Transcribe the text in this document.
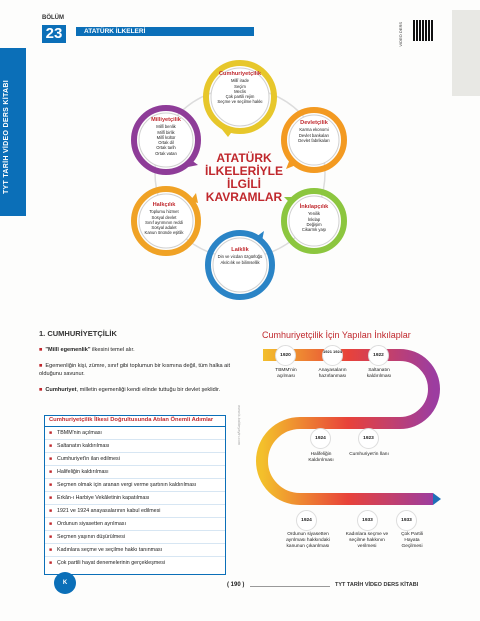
TYT TARİH VİDEO DERS KİTABI
BÖLÜM
23	ATATÜRK İLKELERİ	VIDEO DERS
ATATÜRK
İLKELERİYLE
İLGİLİ
KAVRAMLAR
Cumhuriyetçilik
Millî irade
Seçim
Meclis
Çok partili rejim
Seçme ve seçilme hakkı
Devletçilik
Karma ekonomi
Devlet bankaları
Devlet fabrikaları
İnkılapçılık
Yenilik
İnkılap
Değişim
Cikarmk yaşı
Laiklik
Din ve vicdan özgürlüğü
Akılcılık ve bilimsellik
Halkçılık
Toplumu hizmet
Sosyal devlet
Sınıf ayrımının reddi
Sosyal adalet
Kanun önünde eşitlik
Milliyetçilik
Millî benlik
Millî birlik
Millî kültür
Ortak dil
Ortak tarih
Ortak vatan
1. CUMHURİYETÇİLİK
■ "Millî egemenlik" ilkesini temel alır.
■ Egemenliğin kişi, zümre, sınıf gibi toplumun bir kısmına değil, tüm halka ait olduğunu savunur.
■ Cumhuriyet, milletin egemenliği kendi elinde tuttuğu bir devlet şeklidir.
Cumhuriyetçilik İlkesi Doğrultusunda Atılan Önemli Adımlar
■ TBMM'nin açılması
■ Saltanatın kaldırılması
■ Cumhuriyet'in ilan edilmesi
■ Halifeliğin kaldırılması
■ Seçmen olmak için aranan vergi verme şartının kaldırılması
■ Erkân-ı Harbiye Vekâletinin kapatılması
■ 1921 ve 1924 anayasalarının kabul edilmesi
■ Ordunun siyasetten ayrılması
■ Seçmen yaşının düşürülmesi
■ Kadınlara seçme ve seçilme hakkı tanınması
■ Çok partili hayat denemelerinin gerçekleşmesi
www.k-kaliteyayin.com
Cumhuriyetçilik İçin Yapılan İnkılaplar
1920
1921 1924
1922
TBMM'nin açılması
Anayasaların hazırlanması
Saltanatın kaldırılması
1924	1923
Halifeliğin Kaldırılması
Cumhuriyet'in İlanı
1924	1933	1933
Ordunun siyasetten ayrılması hakkındaki kanunun çıkarılması
Kadınlara seçme ve seçilme hakkının verilmesi
Çok Partili Hayata Geçilmesi
K	( 190 )	TYT TARİH VİDEO DERS KİTABI
